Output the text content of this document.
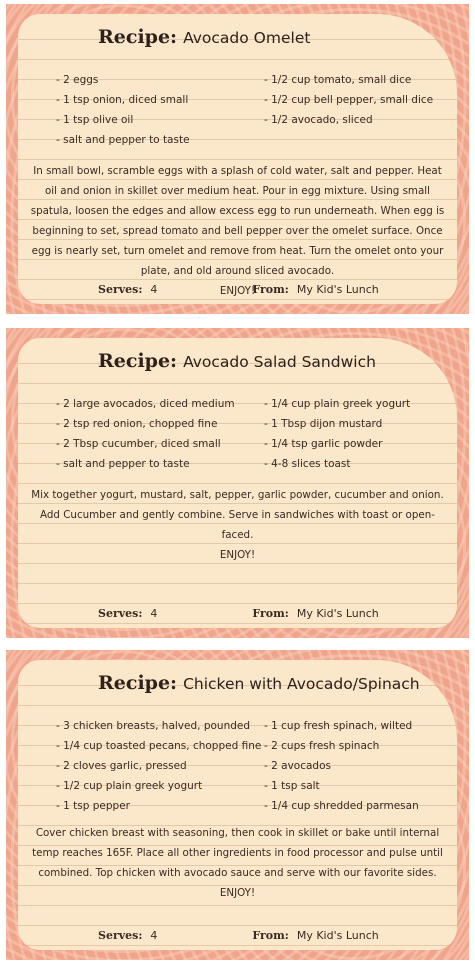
Recipe: Avocado Omelet
- 2 eggs
- 1 tsp onion, diced small
- 1 tsp olive oil
- salt and pepper to taste
- 1/2 cup tomato, small dice
- 1/2 cup bell pepper, small dice
- 1/2 avocado, sliced

In small bowl, scramble eggs with a splash of cold water, salt and pepper. Heat oil and onion in skillet over medium heat. Pour in egg mixture. Using small spatula, loosen the edges and allow excess egg to run underneath. When egg is beginning to set, spread tomato and bell pepper over the omelet surface. Once egg is nearly set, turn omelet and remove from heat. Turn the omelet onto your plate, and old around sliced avocado.
ENJOY!

Serves: 4	From: My Kid's Lunch
Recipe: Avocado Salad Sandwich
- 2 large avocados, diced medium
- 2 tsp red onion, chopped fine
- 2 Tbsp cucumber, diced small
- salt and pepper to taste
- 1/4 cup plain greek yogurt
- 1 Tbsp dijon mustard
- 1/4 tsp garlic powder
- 4-8 slices toast

Mix together yogurt, mustard, salt, pepper, garlic powder, cucumber and onion. Add Cucumber and gently combine. Serve in sandwiches with toast or open-faced.
ENJOY!

Serves: 4	From: My Kid's Lunch
Recipe: Chicken with Avocado/Spinach
- 3 chicken breasts, halved, pounded
- 1/4 cup toasted pecans, chopped fine
- 2 cloves garlic, pressed
- 1/2 cup plain greek yogurt
- 1 tsp pepper
- 1 cup fresh spinach, wilted
- 2 cups fresh spinach
- 2 avocados
- 1 tsp salt
- 1/4 cup shredded parmesan

Cover chicken breast with seasoning, then cook in skillet or bake until internal temp reaches 165F. Place all other ingredients in food processor and pulse until combined. Top chicken with avocado sauce and serve with our favorite sides. ENJOY!

Serves: 4	From: My Kid's Lunch
